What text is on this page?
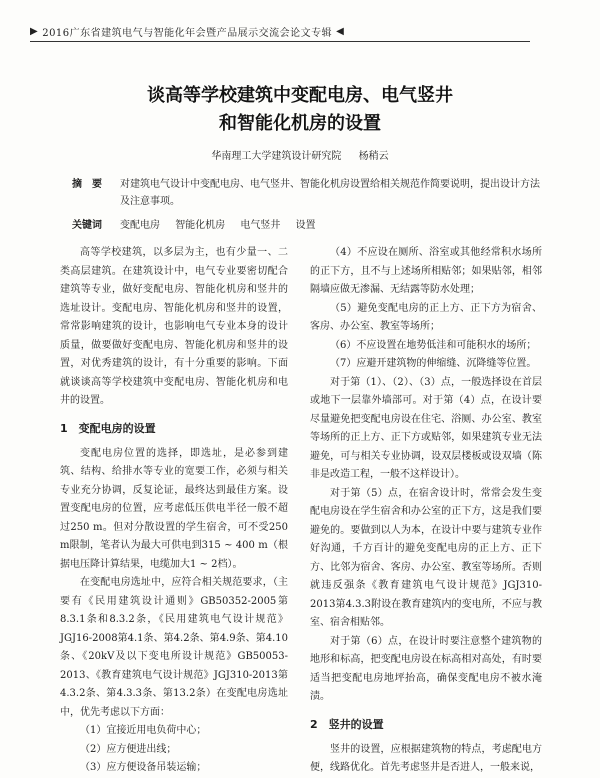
▶ 2016广东省建筑电气与智能化年会暨产品展示交流会论文专辑 ◀
谈高等学校建筑中变配电房、电气竖井
和智能化机房的设置
华南理工大学建筑设计研究院 杨稍云
摘　要	对建筑电气设计中变配电房、电气竖井、智能化机房设置给相关规范作简要说明，提出设计方法及注意事项。
关键词	变配电房 智能化机房 电气竖井 设置

高等学校建筑，以多层为主，也有少量一、二类高层建筑。在建筑设计中，电气专业要密切配合建筑等专业，做好变配电房、智能化机房和竖井的选址设计。变配电房、智能化机房和竖井的设置，常常影响建筑的设计，也影响电气专业本身的设计质量，做要做好变配电房、智能化机房和竖井的设置，对优秀建筑的设计，有十分重要的影响。下面就谈谈高等学校建筑中变配电房、智能化机房和电井的设置。

1　变配电房的设置

变配电房位置的选择，即选址，是必参到建筑、结构、给排水等专业的宽要工作，必须与相关专业充分协调，反复论证，最终达到最佳方案。设置变配电房的位置，应考虑低压供电半径一般不超过250 m。但对分散设置的学生宿舍，可不受250 m限制，笔者认为最大可供电到315 ~ 400 m（根据电压降计算结果，电缆加大1 ~ 2档）。

在变配电房选址中，应符合相关规范要求，（主要有《民用建筑设计通则》GB50352-2005第8.3.1条和8.3.2条，《民用建筑电气设计规范》JGJ16-2008第4.1条、第4.2条、第4.9条、第4.10条、《20kV及以下变电所设计规范》GB50053-2013、《教育建筑电气设计规范》JGJ310-2013第4.3.2条、第4.3.3条、第13.2条）在变配电房选址中，优先考虑以下方面：

（1）宜接近用电负荷中心；

（2）应方便进出线；

（3）应方便设备吊装运输；

（4）不应设在厕所、浴室或其他经常积水场所的正下方，且不与上述场所相贴邻；如果贴邻，相邻隔墙应做无渗漏、无结露等防水处理；

（5）避免变配电房的正上方、正下方为宿舍、客房、办公室、教室等场所；

（6）不应设置在地势低洼和可能积水的场所；

（7）应避开建筑物的伸缩缝、沉降缝等位置。

对于第（1）、（2）、（3）点，一般选择设在首层或地下一层靠外墙部可。对于第（4）点，在设计要尽量避免把变配电房设在住宅、浴厕、办公室、教室等场所的正上方、正下方或贴邻，如果建筑专业无法避免，可与相关专业协调，设双层楼板或设双墙（陈非是改造工程，一般不这样设计）。

对于第（5）点，在宿舍设计时，常常会发生变配电房设在学生宿舍和办公室的正下方，这是我们要避免的。要做到以人为本，在设计中要与建筑专业作好沟通，千方百计的避免变配电房的正上方、正下方、比邻为宿舍、客房、办公室、教室等场所。否则就违反强条《教育建筑电气设计规范》JGJ310-2013第4.3.3附设在教育建筑内的变电所，不应与教室、宿舍相贴邻。

对于第（6）点，在设计时要注意整个建筑物的地形和标高，把变配电房设在标高相对高处，有时要适当把变配电房地坪抬高，确保变配电房不被水淹渍。

2　竖井的设置

竖井的设置，应根据建筑物的特点，考虑配电方便，线路优化。首先考虑竖井是否进人，一般来说，
